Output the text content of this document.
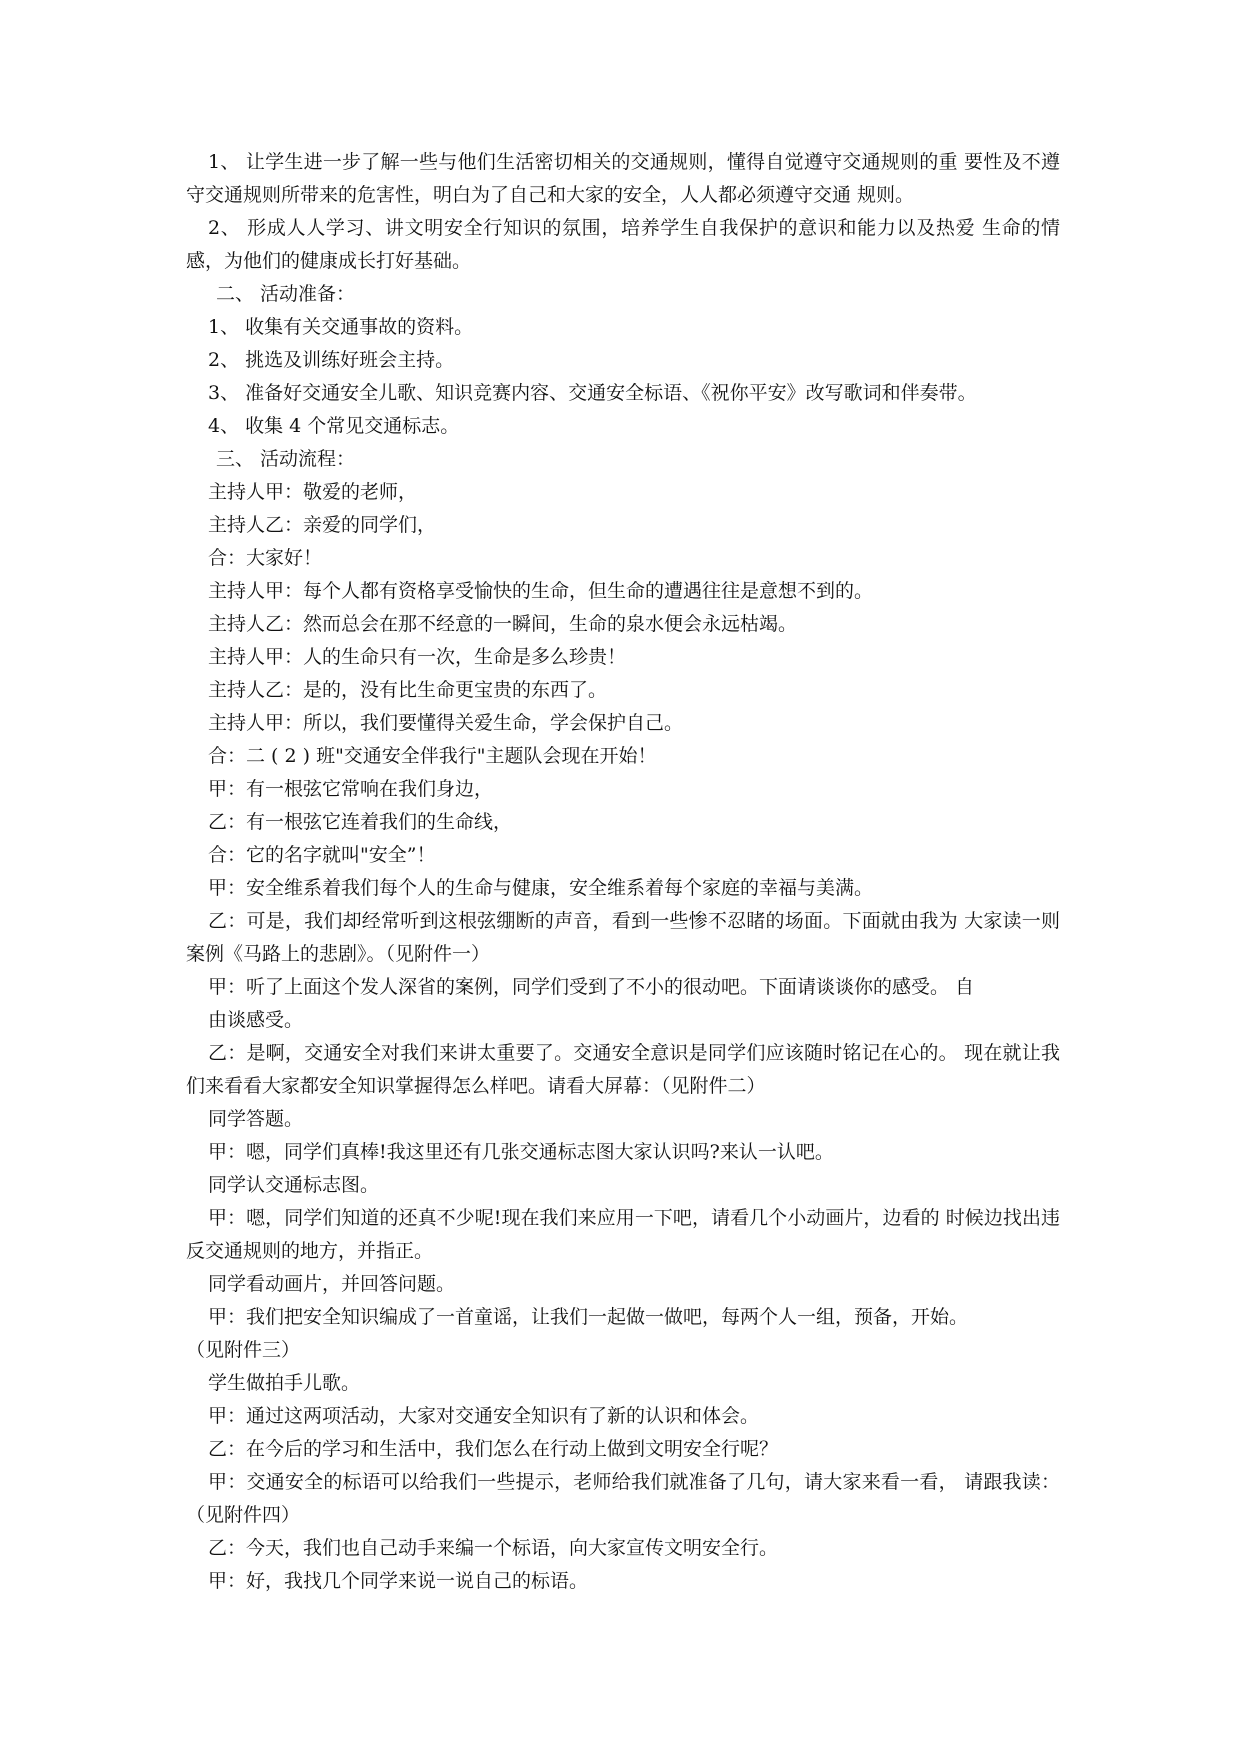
1、 让学生进一步了解一些与他们生活密切相关的交通规则，懂得自觉遵守交通规则的重 要性及不遵守交通规则所带来的危害性，明白为了自己和大家的安全，人人都必须遵守交通 规则。

2、 形成人人学习、讲文明安全行知识的氛围，培养学生自我保护的意识和能力以及热爱 生命的情感，为他们的健康成长打好基础。

二、 活动准备：

1、 收集有关交通事故的资料。

2、 挑选及训练好班会主持。

3、 准备好交通安全儿歌、知识竞赛内容、交通安全标语、《祝你平安》改写歌词和伴奏带。

4、 收集 4 个常见交通标志。

三、 活动流程：

主持人甲：敬爱的老师，

主持人乙：亲爱的同学们，

合：大家好！

主持人甲：每个人都有资格享受愉快的生命，但生命的遭遇往往是意想不到的。

主持人乙：然而总会在那不经意的一瞬间，生命的泉水便会永远枯竭。

主持人甲：人的生命只有一次，生命是多么珍贵！

主持人乙：是的，没有比生命更宝贵的东西了。

主持人甲：所以，我们要懂得关爱生命，学会保护自己。

合：二 ( 2 ) 班"交通安全伴我行"主题队会现在开始！

甲：有一根弦它常响在我们身边，

乙：有一根弦它连着我们的生命线，

合：它的名字就叫"安全”！

甲：安全维系着我们每个人的生命与健康，安全维系着每个家庭的幸福与美满。

乙：可是，我们却经常听到这根弦绷断的声音，看到一些惨不忍睹的场面。下面就由我为 大家读一则案例《马路上的悲剧》。（见附件一）

甲：听了上面这个发人深省的案例，同学们受到了不小的很动吧。下面请谈谈你的感受。 自

由谈感受。

乙：是啊，交通安全对我们来讲太重要了。交通安全意识是同学们应该随时铭记在心的。 现在就让我们来看看大家都安全知识掌握得怎么样吧。请看大屏幕：（见附件二）

同学答题。

甲：嗯，同学们真棒!我这里还有几张交通标志图大家认识吗?来认一认吧。

同学认交通标志图。

甲：嗯，同学们知道的还真不少呢!现在我们来应用一下吧，请看几个小动画片，边看的 时候边找出违反交通规则的地方，并指正。

同学看动画片，并回答问题。

甲：我们把安全知识编成了一首童谣，让我们一起做一做吧，每两个人一组，预备，开始。

（见附件三）

学生做拍手儿歌。

甲：通过这两项活动，大家对交通安全知识有了新的认识和体会。

乙：在今后的学习和生活中，我们怎么在行动上做到文明安全行呢？

甲：交通安全的标语可以给我们一些提示，老师给我们就准备了几句，请大家来看一看， 请跟我读：（见附件四）

乙：今天，我们也自己动手来编一个标语，向大家宣传文明安全行。

甲：好，我找几个同学来说一说自己的标语。
